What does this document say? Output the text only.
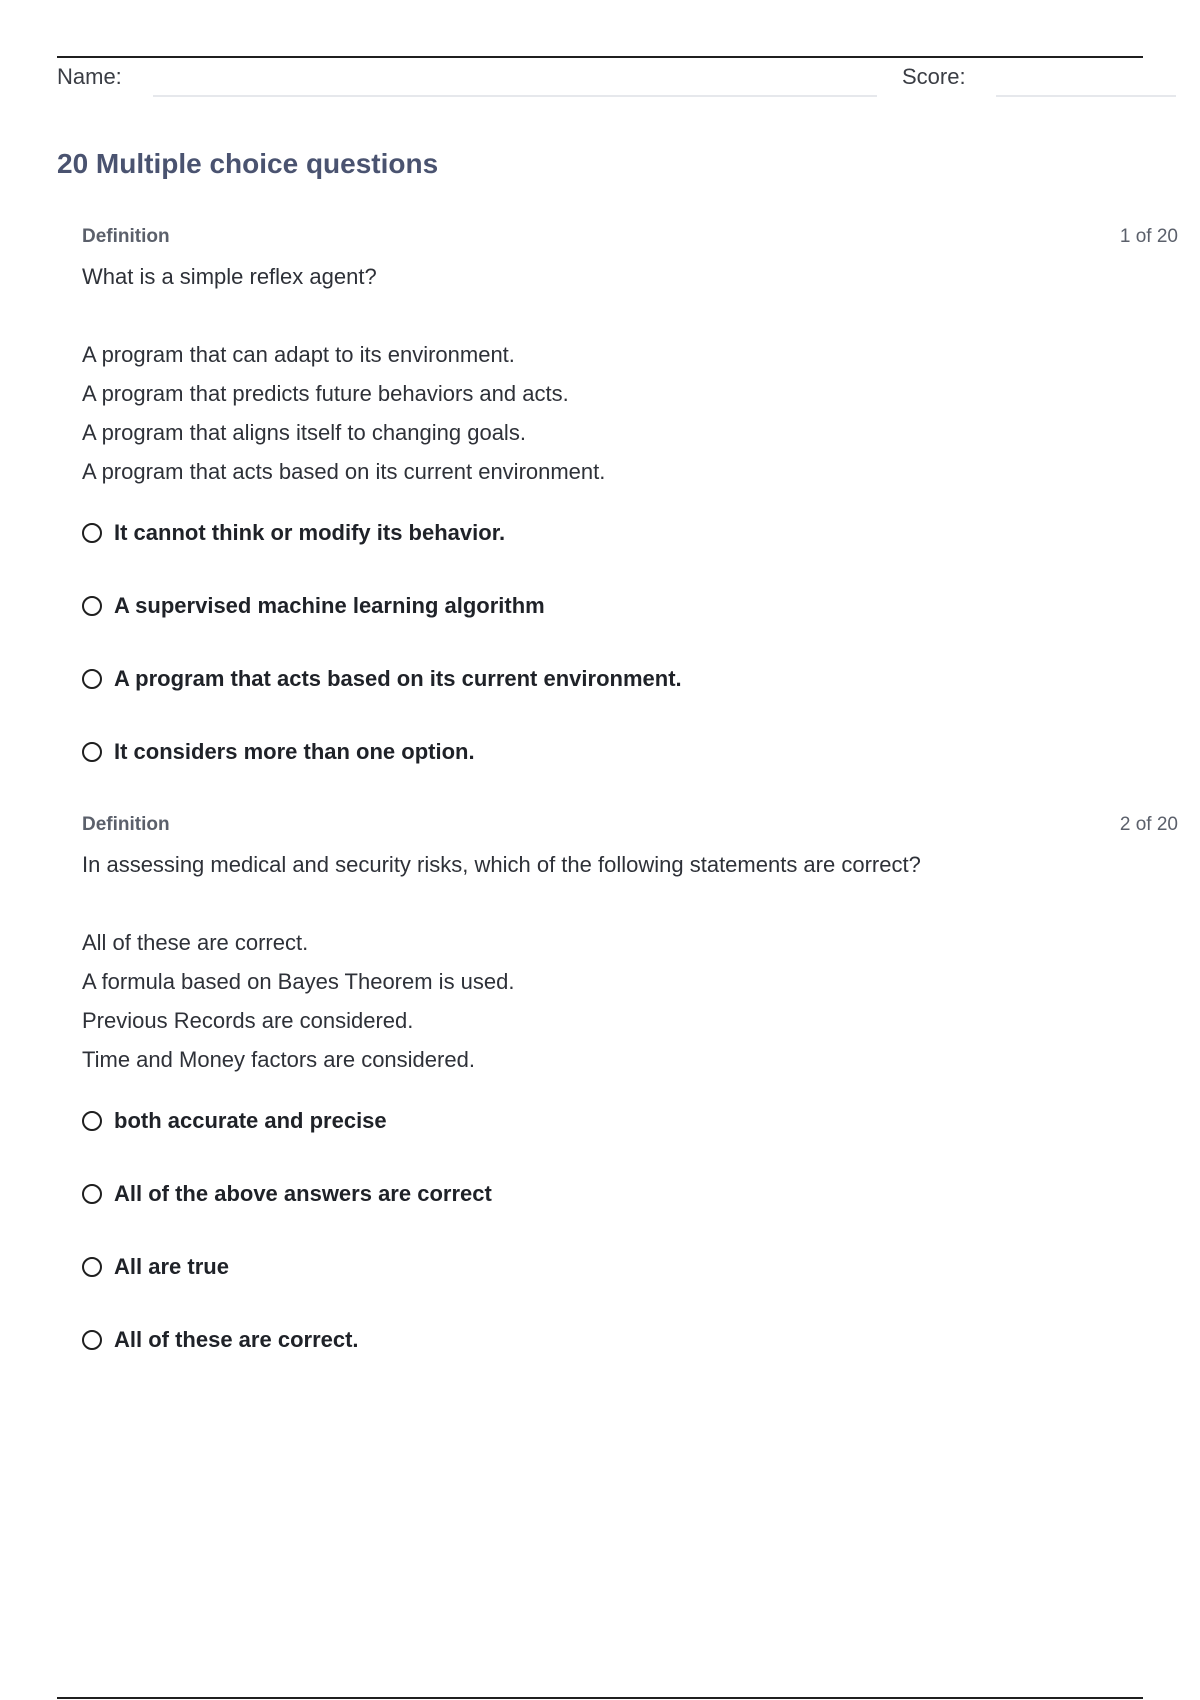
Name:	Score:
20 Multiple choice questions
Definition	1 of 20
What is a simple reflex agent?
A program that can adapt to its environment.
A program that predicts future behaviors and acts.
A program that aligns itself to changing goals.
A program that acts based on its current environment.
It cannot think or modify its behavior.
A supervised machine learning algorithm
A program that acts based on its current environment.
It considers more than one option.
Definition	2 of 20
In assessing medical and security risks, which of the following statements are correct?
All of these are correct.
A formula based on Bayes Theorem is used.
Previous Records are considered.
Time and Money factors are considered.
both accurate and precise
All of the above answers are correct
All are true
All of these are correct.
